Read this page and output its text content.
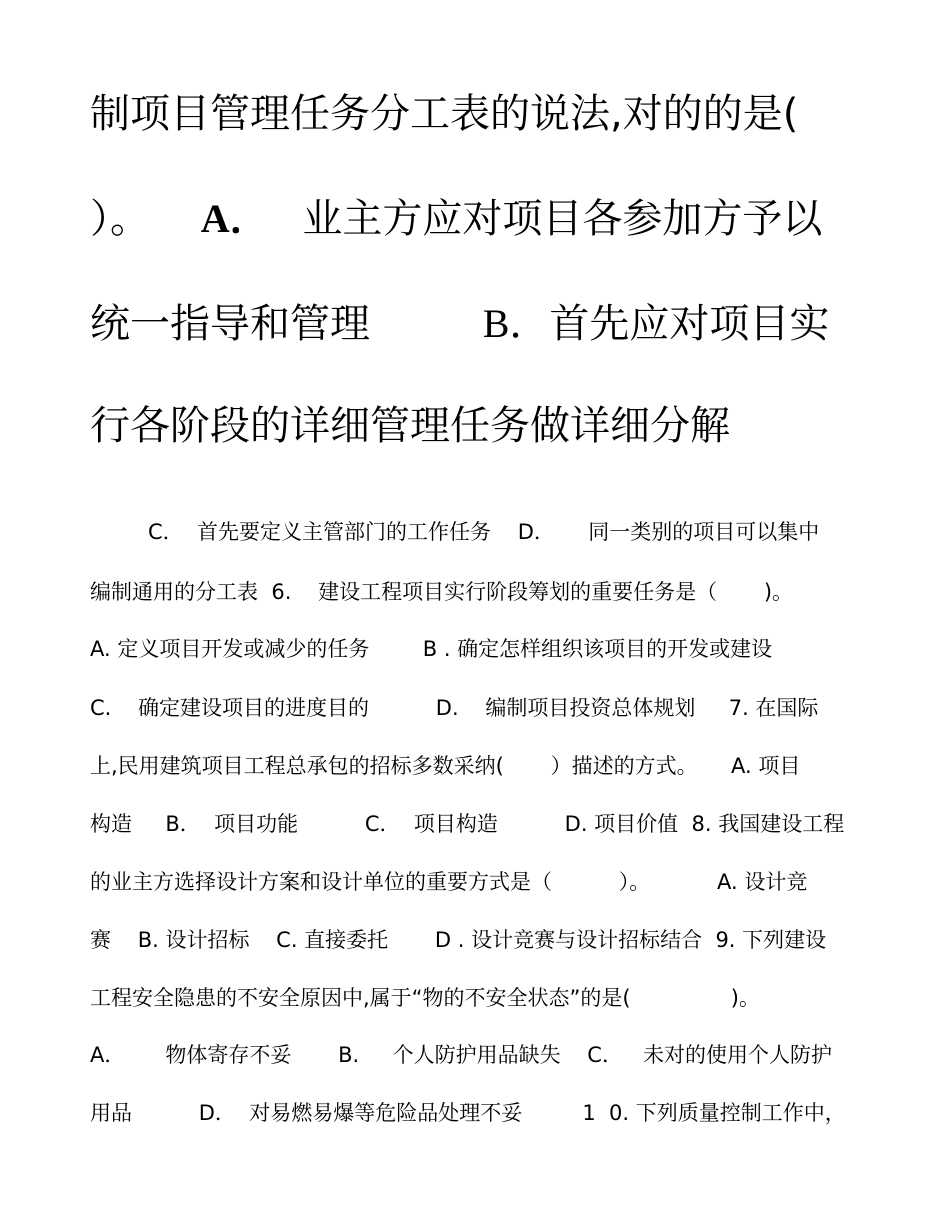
制项目管理任务分工表的说法,对的的是(
）。 A． 业主方应对项目各参加方予以
统一指导和管理	B．首先应对项目实
行各阶段的详细管理任务做详细分解
C．  首先要定义主管部门的工作任务    D．     同一类别的项目可以集中
编制通用的分工表  6.    建设工程项目实行阶段筹划的重要任务是（       )。
A. 定义项目开发或减少的任务        B . 确定怎样组织该项目的开发或建设
C.    确定建设项目的进度目的          D.    编制项目投资总体规划     7. 在国际
上,民用建筑项目工程总承包的招标多数采纳(       ）描述的方式。     A. 项目
构造     B．  项目功能          C．  项目构造          D. 项目价值  8. 我国建设工程
的业主方选择设计方案和设计单位的重要方式是（          ）。          A. 设计竞
赛    B. 设计招标    C. 直接委托       D . 设计竞赛与设计招标结合  9. 下列建设
工程安全隐患的不安全原因中,属于“物的不安全状态”的是(               )。
A．      物体寄存不妥       B.     个人防护用品缺失    C．   未对的使用个人防护
用品          D．  对易燃易爆等危险品处理不妥         1  0. 下列质量控制工作中，
